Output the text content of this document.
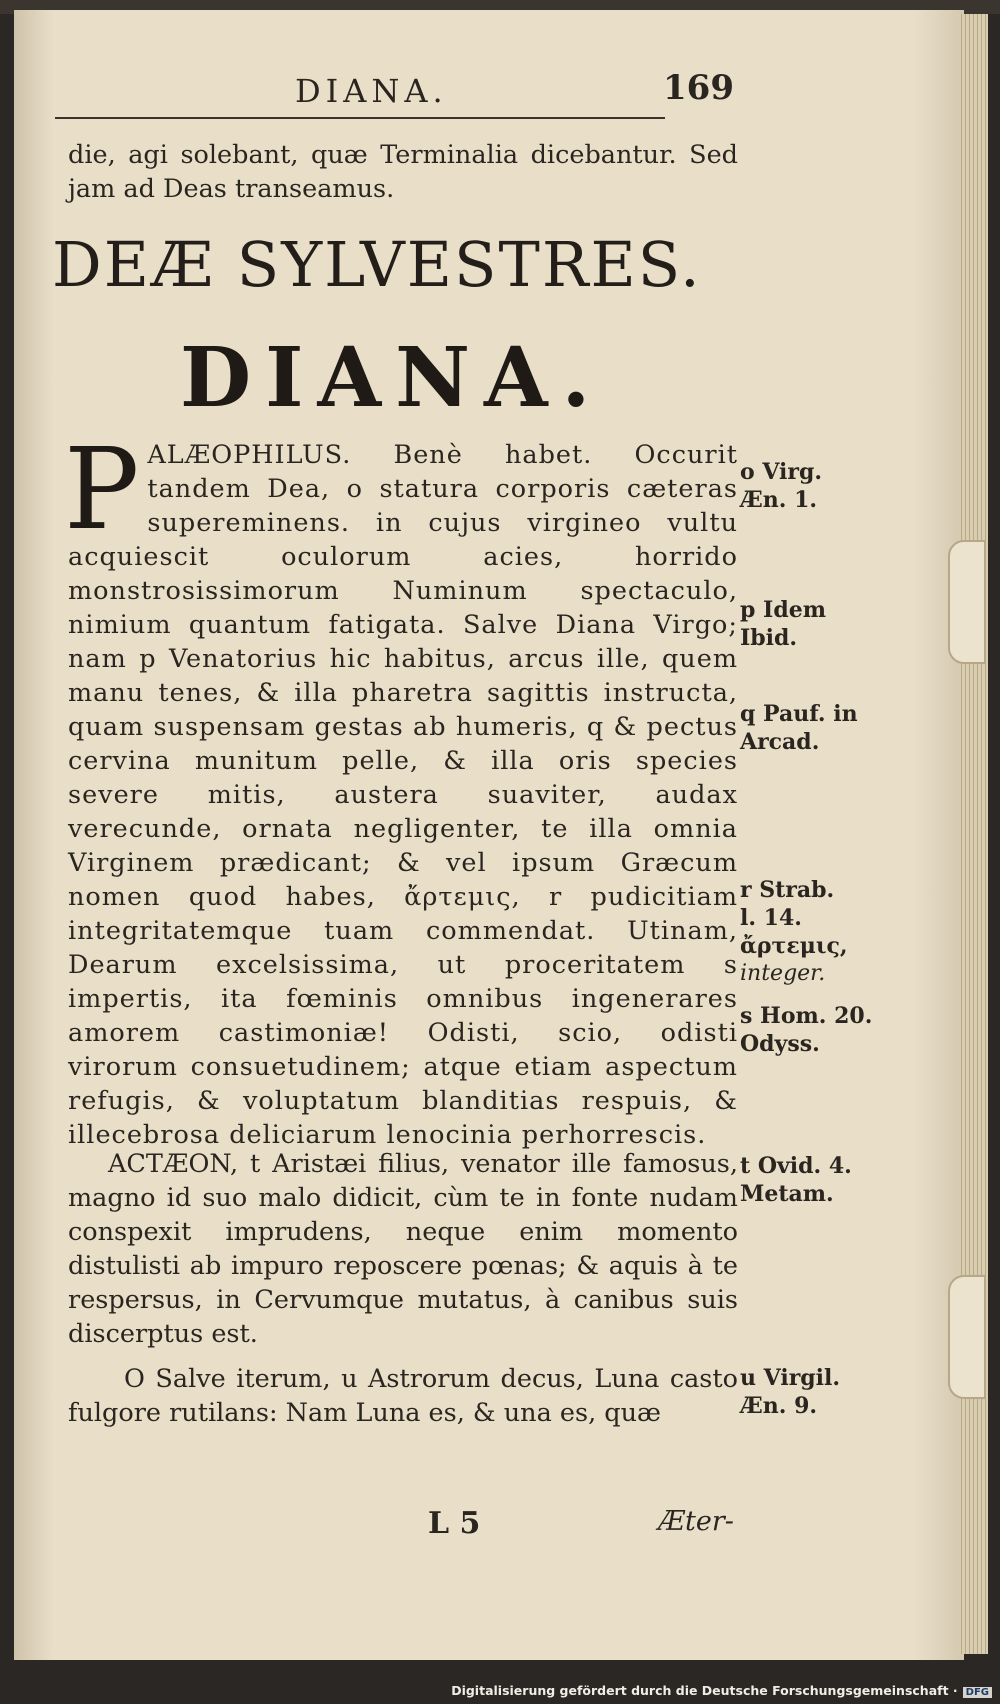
DIANA.	169
die, agi solebant, quæ Terminalia dicebantur. Sed jam ad Deas transeamus.
DEÆ SYLVESTRES.
DIANA.
P ALÆOPHILUS. Benè habet. Occurit tandem Dea, o statura corporis cæteras supereminens. in cujus virgineo vultu acquiescit oculorum acies, horrido monstrosissimorum Numinum spectaculo, nimium quantum fatigata. Salve Diana Virgo; nam p Venatorius hic habitus, arcus ille, quem manu tenes, & illa pharetra sagittis instructa, quam suspensam gestas ab humeris, q & pectus cervina munitum pelle, & illa oris species severe mitis, austera suaviter, audax verecunde, ornata negligenter, te illa omnia Virginem prædicant; & vel ipsum Græcum nomen quod habes, ἄρτεμις, r pudicitiam integritatemque tuam commendat. Utinam, Dearum excelsissima, ut proceritatem s impertis, ita fœminis omnibus ingenerares amorem castimoniæ! Odisti, scio, odisti virorum consuetudinem; atque etiam aspectum refugis, & voluptatum blanditias respuis, & illecebrosa deliciarum lenocinia perhorrescis.
ACTÆON, t Aristæi filius, venator ille famosus, magno id suo malo didicit, cùm te in fonte nudam conspexit imprudens, neque enim momento distulisti ab impuro reposcere pœnas; & aquis à te respersus, in Cervumque mutatus, à canibus suis discerptus est.
O Salve iterum, u Astrorum decus, Luna casto fulgore rutilans: Nam Luna es, & una es, quæ
o Virg.
Æn. 1.
p Idem
Ibid.
q Pauf. in
Arcad.
r Strab.
l. 14.
ἄρτεμις,
integer.
s Hom. 20.
Odyss.
t Ovid. 4.
Metam.
u Virgil.
Æn. 9.
L 5	Æter-
Digitalisierung gefördert durch die Deutsche Forschungsgemeinschaft · DFG
